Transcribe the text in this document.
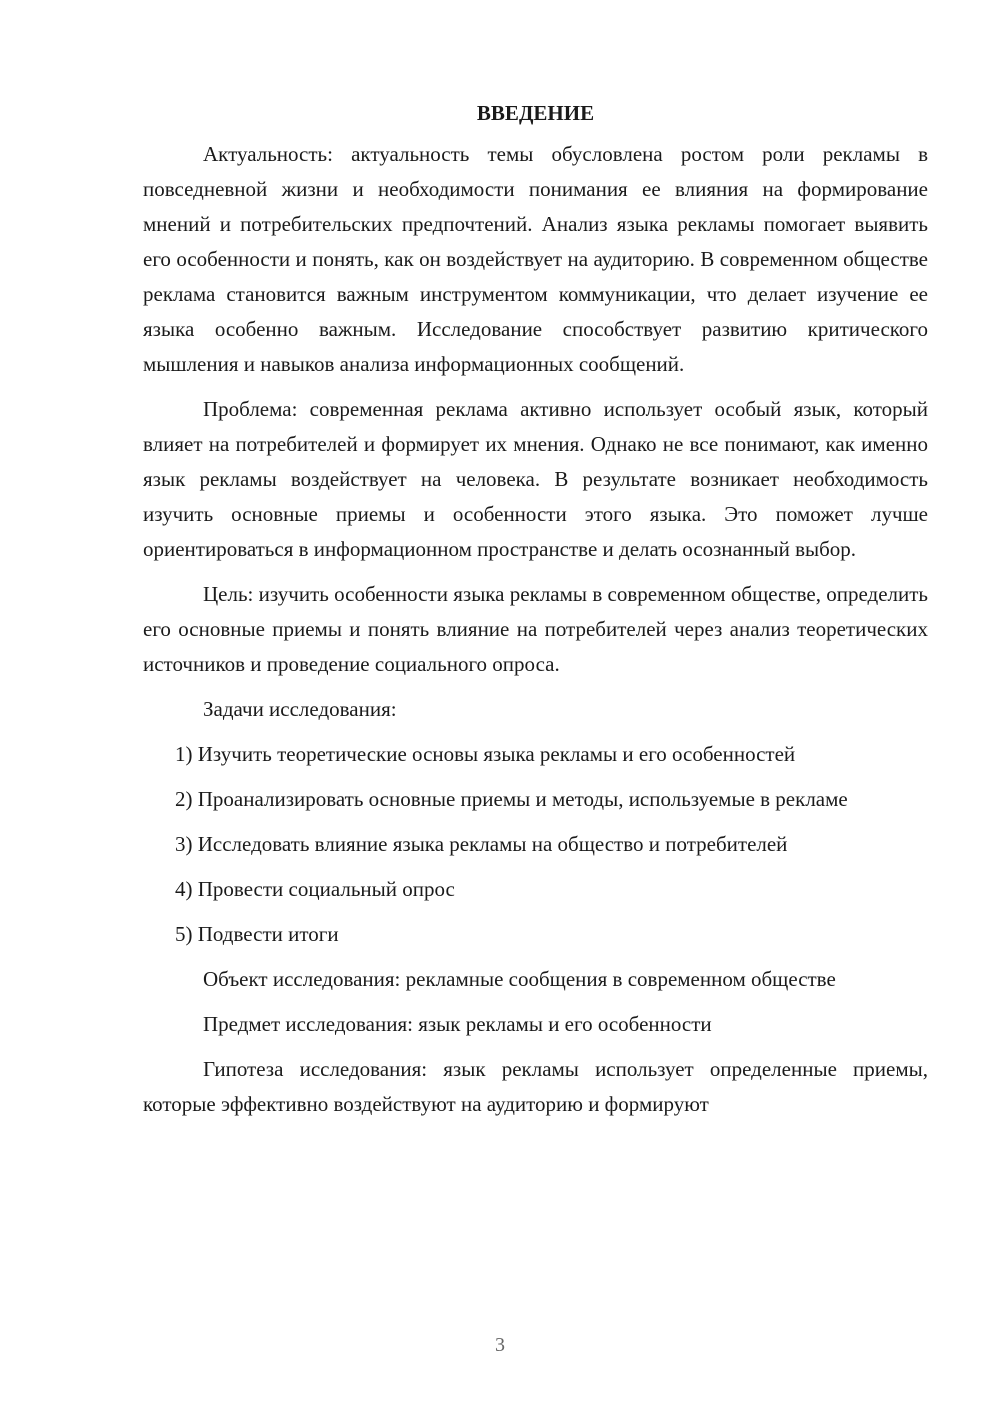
ВВЕДЕНИЕ

Актуальность: актуальность темы обусловлена ростом роли рекламы в повседневной жизни и необходимости понимания ее влияния на формирование мнений и потребительских предпочтений. Анализ языка рекламы помогает выявить его особенности и понять, как он воздействует на аудиторию. В современном обществе реклама становится важным инструментом коммуникации, что делает изучение ее языка особенно важным. Исследование способствует развитию критического мышления и навыков анализа информационных сообщений.

Проблема: современная реклама активно использует особый язык, который влияет на потребителей и формирует их мнения. Однако не все понимают, как именно язык рекламы воздействует на человека. В результате возникает необходимость изучить основные приемы и особенности этого языка. Это поможет лучше ориентироваться в информационном пространстве и делать осознанный выбор.

Цель: изучить особенности языка рекламы в современном обществе, определить его основные приемы и понять влияние на потребителей через анализ теоретических источников и проведение социального опроса.

Задачи исследования:

1) Изучить теоретические основы языка рекламы и его особенностей

2) Проанализировать основные приемы и методы, используемые в рекламе

3) Исследовать влияние языка рекламы на общество и потребителей

4) Провести социальный опрос

5) Подвести итоги

Объект исследования: рекламные сообщения в современном обществе

Предмет исследования: язык рекламы и его особенности

Гипотеза исследования: язык рекламы использует определенные приемы, которые эффективно воздействуют на аудиторию и формируют

3
